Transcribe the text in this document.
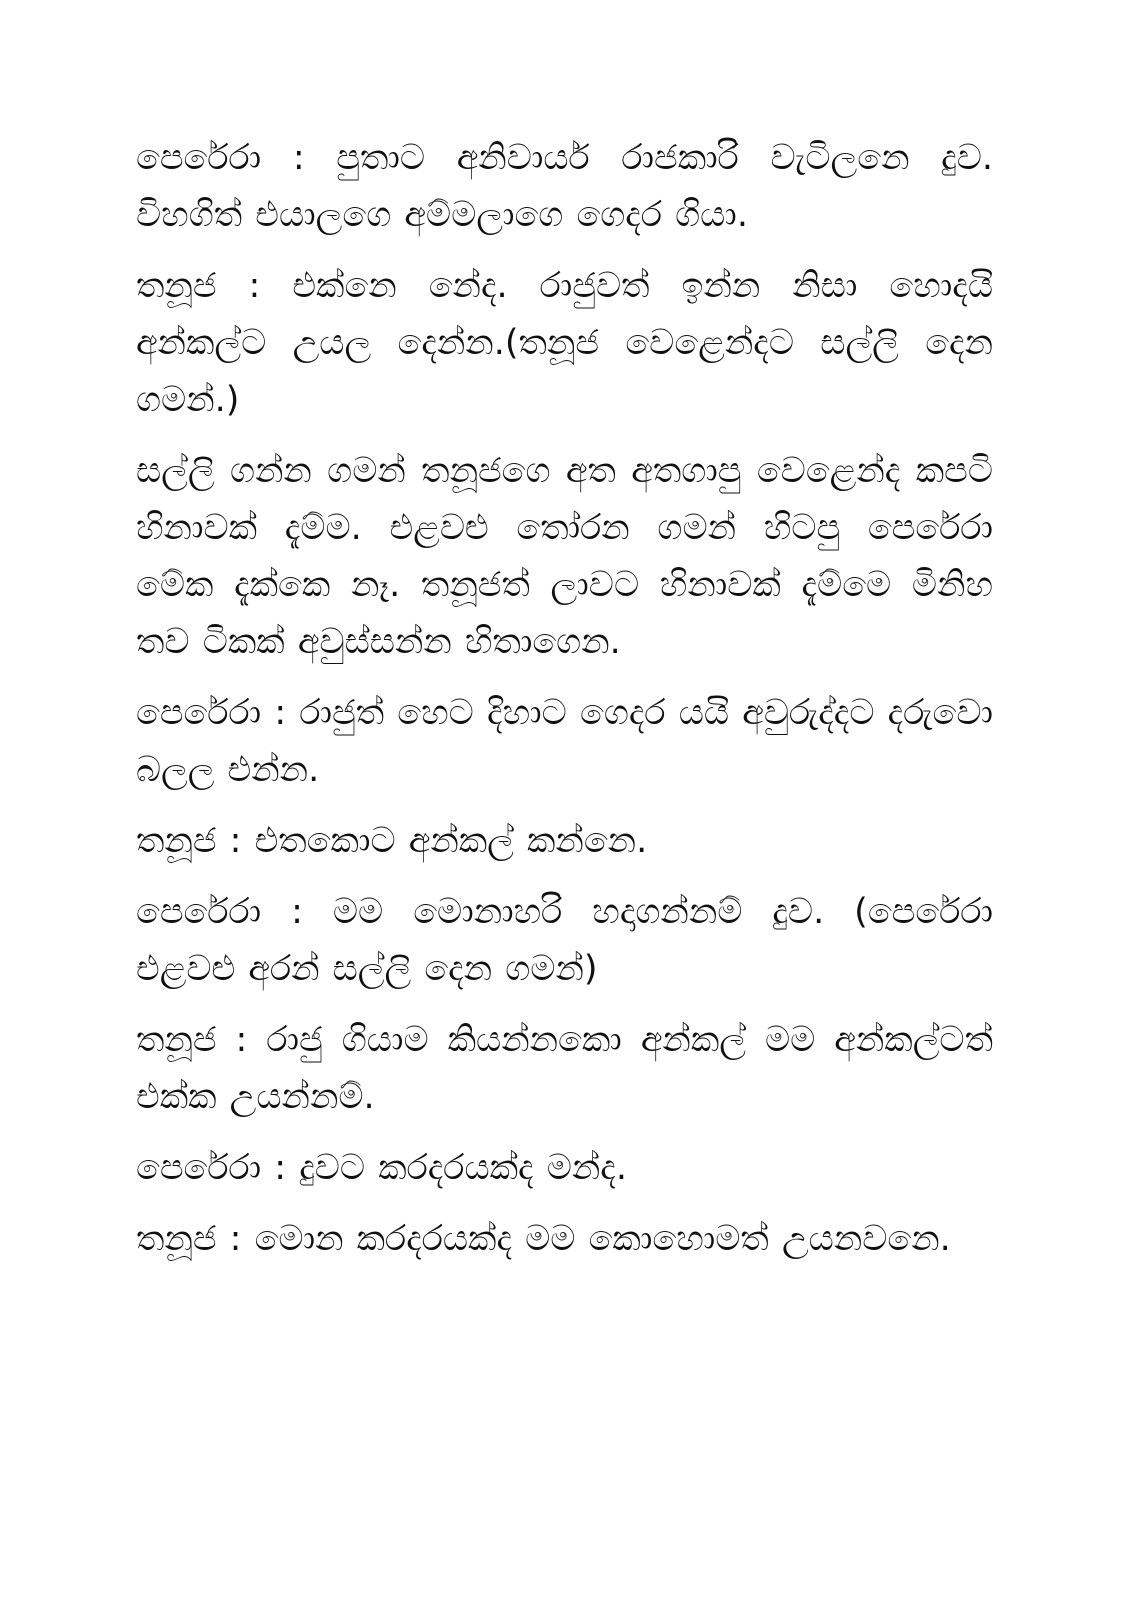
පෙරේරා : පුතාට අනිවාර්ය රාජකාරි වැටිලනෙ දුව. විහගිත් එයාලගෙ අම්මලාගෙ ගෙදර ගියා.

තනූජ : එක්නෙ නේද. රාජුවත් ඉන්න නිසා හොදයි අන්කල්ට උයල දෙන්න.(තනූජ වෙළෙන්දට සල්ලි දෙන ගමන්.)

සල්ලි ගන්න ගමන් තනූජගෙ අත අතගාපු වෙළෙන්ද කපටි හිනාවක් දැම්ම. එළවළු තෝරන ගමන් හිටපු පෙරේරා මේක දැක්කෙ නෑ. තනූජත් ලාවට හිනාවක් දැම්මෙ මිනිහ තව ටිකක් අවුස්සන්න හිතාගෙන.

පෙරේරා : රාජුත් හෙට දිහාට ගෙදර යයි අවුරුද්දට දරුවො බලල එන්න.

තනූජ : එතකොට අන්කල් කන්නෙ.

පෙරේරා : මම මොනාහරි හදාගන්නම් දුව. (පෙරේරා එළවළු අරන් සල්ලි දෙන ගමන්)

තනූජ : රාජු ගියාම කියන්නකො අන්කල් මම අන්කල්ටත් එක්ක උයන්නම්.

පෙරේරා : දුවට කරදරයක්ද මන්ද.

තනූජ : මොන කරදරයක්ද මම කොහොමත් උයනවනෙ.
